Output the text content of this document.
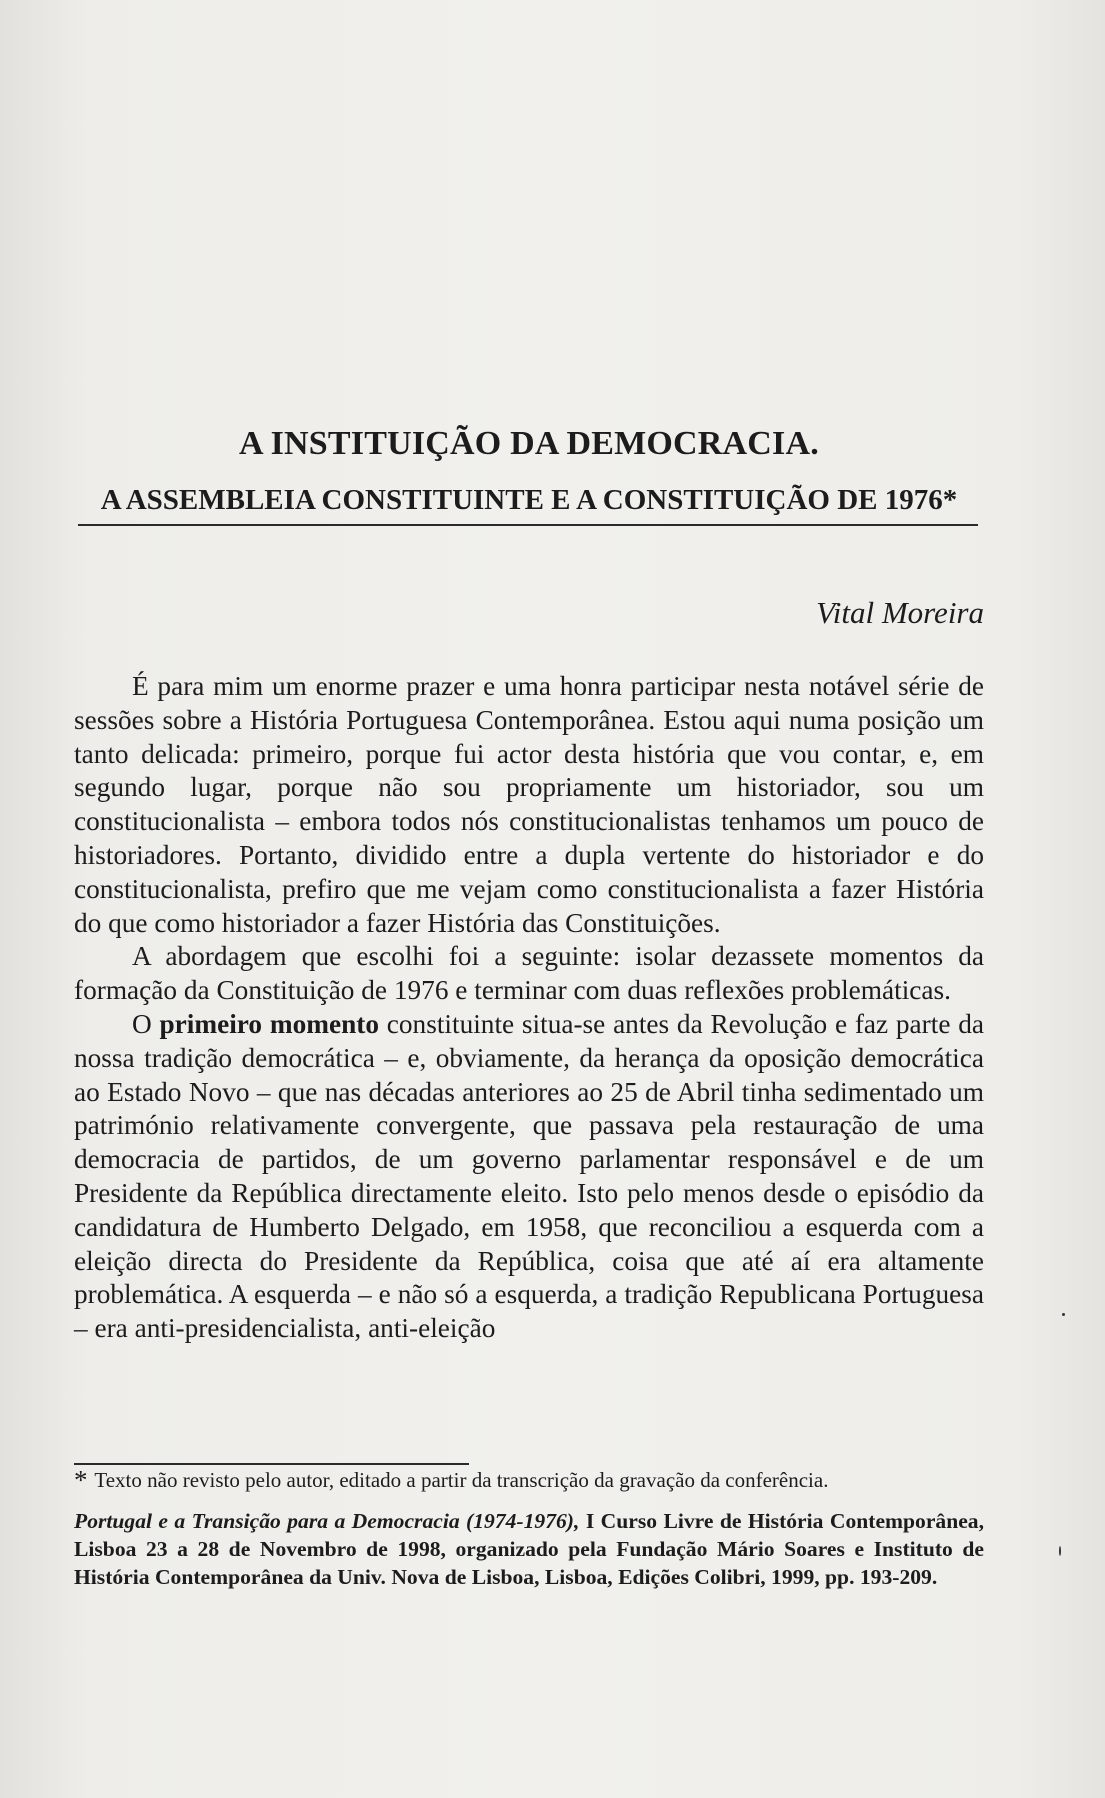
A INSTITUIÇÃO DA DEMOCRACIA.
A ASSEMBLEIA CONSTITUINTE E A CONSTITUIÇÃO DE 1976*
Vital Moreira

É para mim um enorme prazer e uma honra participar nesta notável série de sessões sobre a História Portuguesa Contemporânea. Estou aqui numa posição um tanto delicada: primeiro, porque fui actor desta história que vou contar, e, em segundo lugar, porque não sou propriamente um historiador, sou um constitucionalista – embora todos nós constitucionalistas tenhamos um pouco de historiadores. Portanto, dividido entre a dupla vertente do historiador e do constitucionalista, prefiro que me vejam como constitucionalista a fazer História do que como historiador a fazer História das Constituições.

A abordagem que escolhi foi a seguinte: isolar dezassete momentos da formação da Constituição de 1976 e terminar com duas reflexões problemáticas.

O primeiro momento constituinte situa-se antes da Revolução e faz parte da nossa tradição democrática – e, obviamente, da herança da oposição democrática ao Estado Novo – que nas décadas anteriores ao 25 de Abril tinha sedimentado um património relativamente convergente, que passava pela restauração de uma democracia de partidos, de um governo parlamentar responsável e de um Presidente da República directamente eleito. Isto pelo menos desde o episódio da candidatura de Humberto Delgado, em 1958, que reconciliou a esquerda com a eleição directa do Presidente da República, coisa que até aí era altamente problemática. A esquerda – e não só a esquerda, a tradição Republicana Portuguesa – era anti-presidencialista, anti-eleição

* Texto não revisto pelo autor, editado a partir da transcrição da gravação da conferência.
Portugal e a Transição para a Democracia (1974-1976), I Curso Livre de História Contemporânea, Lisboa 23 a 28 de Novembro de 1998, organizado pela Fundação Mário Soares e Instituto de História Contemporânea da Univ. Nova de Lisboa, Lisboa, Edições Colibri, 1999, pp. 193-209.
